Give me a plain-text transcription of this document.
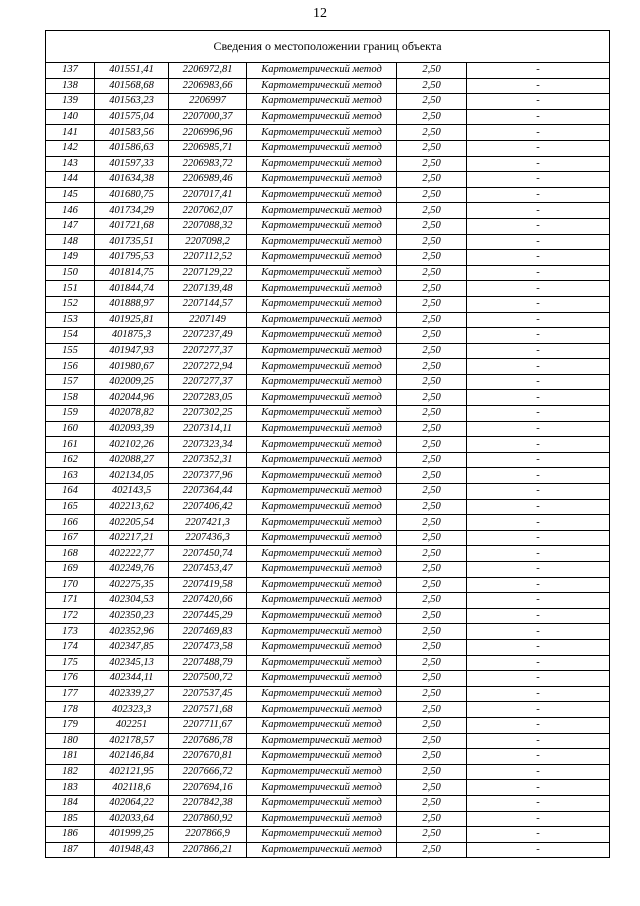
12
Сведения о местоположении границ объекта					
137	401551,41	2206972,81	Картометрический метод	2,50	-
138	401568,68	2206983,66	Картометрический метод	2,50	-
139	401563,23	2206997	Картометрический метод	2,50	-
140	401575,04	2207000,37	Картометрический метод	2,50	-
141	401583,56	2206996,96	Картометрический метод	2,50	-
142	401586,63	2206985,71	Картометрический метод	2,50	-
143	401597,33	2206983,72	Картометрический метод	2,50	-
144	401634,38	2206989,46	Картометрический метод	2,50	-
145	401680,75	2207017,41	Картометрический метод	2,50	-
146	401734,29	2207062,07	Картометрический метод	2,50	-
147	401721,68	2207088,32	Картометрический метод	2,50	-
148	401735,51	2207098,2	Картометрический метод	2,50	-
149	401795,53	2207112,52	Картометрический метод	2,50	-
150	401814,75	2207129,22	Картометрический метод	2,50	-
151	401844,74	2207139,48	Картометрический метод	2,50	-
152	401888,97	2207144,57	Картометрический метод	2,50	-
153	401925,81	2207149	Картометрический метод	2,50	-
154	401875,3	2207237,49	Картометрический метод	2,50	-
155	401947,93	2207277,37	Картометрический метод	2,50	-
156	401980,67	2207272,94	Картометрический метод	2,50	-
157	402009,25	2207277,37	Картометрический метод	2,50	-
158	402044,96	2207283,05	Картометрический метод	2,50	-
159	402078,82	2207302,25	Картометрический метод	2,50	-
160	402093,39	2207314,11	Картометрический метод	2,50	-
161	402102,26	2207323,34	Картометрический метод	2,50	-
162	402088,27	2207352,31	Картометрический метод	2,50	-
163	402134,05	2207377,96	Картометрический метод	2,50	-
164	402143,5	2207364,44	Картометрический метод	2,50	-
165	402213,62	2207406,42	Картометрический метод	2,50	-
166	402205,54	2207421,3	Картометрический метод	2,50	-
167	402217,21	2207436,3	Картометрический метод	2,50	-
168	402222,77	2207450,74	Картометрический метод	2,50	-
169	402249,76	2207453,47	Картометрический метод	2,50	-
170	402275,35	2207419,58	Картометрический метод	2,50	-
171	402304,53	2207420,66	Картометрический метод	2,50	-
172	402350,23	2207445,29	Картометрический метод	2,50	-
173	402352,96	2207469,83	Картометрический метод	2,50	-
174	402347,85	2207473,58	Картометрический метод	2,50	-
175	402345,13	2207488,79	Картометрический метод	2,50	-
176	402344,11	2207500,72	Картометрический метод	2,50	-
177	402339,27	2207537,45	Картометрический метод	2,50	-
178	402323,3	2207571,68	Картометрический метод	2,50	-
179	402251	2207711,67	Картометрический метод	2,50	-
180	402178,57	2207686,78	Картометрический метод	2,50	-
181	402146,84	2207670,81	Картометрический метод	2,50	-
182	402121,95	2207666,72	Картометрический метод	2,50	-
183	402118,6	2207694,16	Картометрический метод	2,50	-
184	402064,22	2207842,38	Картометрический метод	2,50	-
185	402033,64	2207860,92	Картометрический метод	2,50	-
186	401999,25	2207866,9	Картометрический метод	2,50	-
187	401948,43	2207866,21	Картометрический метод	2,50	-
